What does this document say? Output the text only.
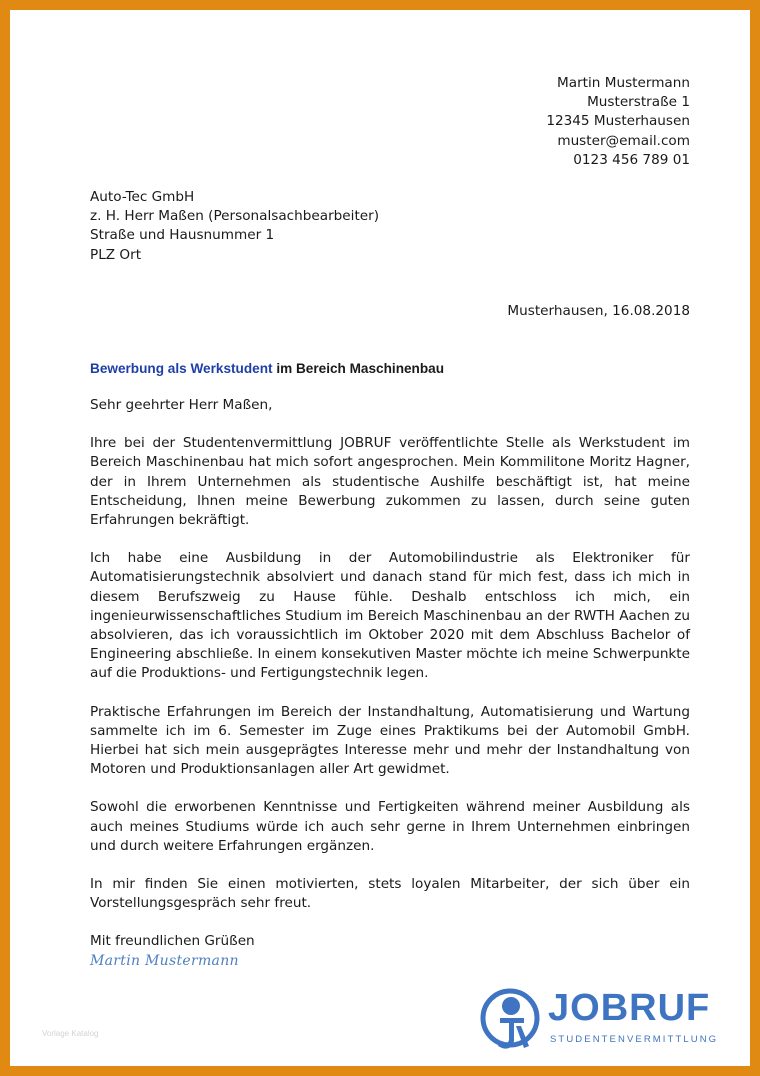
Martin Mustermann
Musterstraße 1
12345 Musterhausen
muster@email.com
0123 456 789 01
Auto-Tec GmbH
z. H. Herr Maßen (Personalsachbearbeiter)
Straße und Hausnummer 1
PLZ Ort
Musterhausen, 16.08.2018
Bewerbung als Werkstudent im Bereich Maschinenbau

Sehr geehrter Herr Maßen,

Ihre bei der Studentenvermittlung JOBRUF veröffentlichte Stelle als Werkstudent im Bereich Maschinenbau hat mich sofort angesprochen. Mein Kommilitone Moritz Hagner, der in Ihrem Unternehmen als studentische Aushilfe beschäftigt ist, hat meine Entscheidung, Ihnen meine Bewerbung zukommen zu lassen, durch seine guten Erfahrungen bekräftigt.

Ich habe eine Ausbildung in der Automobilindustrie als Elektroniker für Automatisierungstechnik absolviert und danach stand für mich fest, dass ich mich in diesem Berufszweig zu Hause fühle. Deshalb entschloss ich mich, ein ingenieurwissenschaftliches Studium im Bereich Maschinenbau an der RWTH Aachen zu absolvieren, das ich voraussichtlich im Oktober 2020 mit dem Abschluss Bachelor of Engineering abschließe. In einem konsekutiven Master möchte ich meine Schwerpunkte auf die Produktions- und Fertigungstechnik legen.

Praktische Erfahrungen im Bereich der Instandhaltung, Automatisierung und Wartung sammelte ich im 6. Semester im Zuge eines Praktikums bei der Automobil GmbH. Hierbei hat sich mein ausgeprägtes Interesse mehr und mehr der Instandhaltung von Motoren und Produktionsanlagen aller Art gewidmet.

Sowohl die erworbenen Kenntnisse und Fertigkeiten während meiner Ausbildung als auch meines Studiums würde ich auch sehr gerne in Ihrem Unternehmen einbringen und durch weitere Erfahrungen ergänzen.

In mir finden Sie einen motivierten, stets loyalen Mitarbeiter, der sich über ein Vorstellungsgespräch sehr freut.

Mit freundlichen Grüßen
Martin Mustermann
Vorlage Katalog
JOBRUF
STUDENTENVERMITTLUNG
